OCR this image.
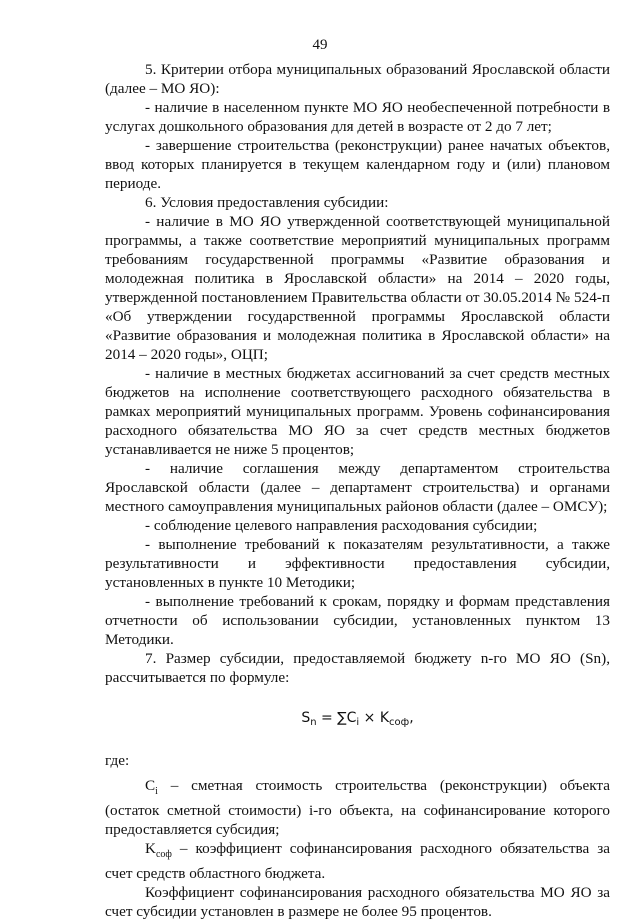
49

5. Критерии отбора муниципальных образований Ярославской области (далее – МО ЯО):

- наличие в населенном пункте МО ЯО необеспеченной потребности в услугах дошкольного образования для детей в возрасте от 2 до 7 лет;

- завершение строительства (реконструкции) ранее начатых объектов, ввод которых планируется в текущем календарном году и (или) плановом периоде.

6. Условия предоставления субсидии:

- наличие в МО ЯО утвержденной соответствующей муниципальной программы, а также соответствие мероприятий муниципальных программ требованиям государственной программы «Развитие образования и молодежная политика в Ярославской области» на 2014 – 2020 годы, утвержденной постановлением Правительства области от 30.05.2014 № 524-п «Об утверждении государственной программы Ярославской области «Развитие образования и молодежная политика в Ярославской области» на 2014 – 2020 годы», ОЦП;

- наличие в местных бюджетах ассигнований за счет средств местных бюджетов на исполнение соответствующего расходного обязательства в рамках мероприятий муниципальных программ. Уровень софинансирования расходного обязательства МО ЯО за счет средств местных бюджетов устанавливается не ниже 5 процентов;

- наличие соглашения между департаментом строительства Ярославской области (далее – департамент строительства) и органами местного самоуправления муниципальных районов области (далее – ОМСУ);

- соблюдение целевого направления расходования субсидии;

- выполнение требований к показателям результативности, а также результативности и эффективности предоставления субсидии, установленных в пункте 10 Методики;

- выполнение требований к срокам, порядку и формам представления отчетности об использовании субсидии, установленных пунктом 13 Методики.

7. Размер субсидии, предоставляемой бюджету n-го МО ЯО (Sn), рассчитывается по формуле:

$S_n = \sum C_i \times K_{соф}$,

где:

$C_i$ – сметная стоимость строительства (реконструкции) объекта (остаток сметной стоимости) i-го объекта, на софинансирование которого предоставляется субсидия;

$K_{соф}$ – коэффициент софинансирования расходного обязательства за счет средств областного бюджета.

Коэффициент софинансирования расходного обязательства МО ЯО за счет субсидии установлен в размере не более 95 процентов.
